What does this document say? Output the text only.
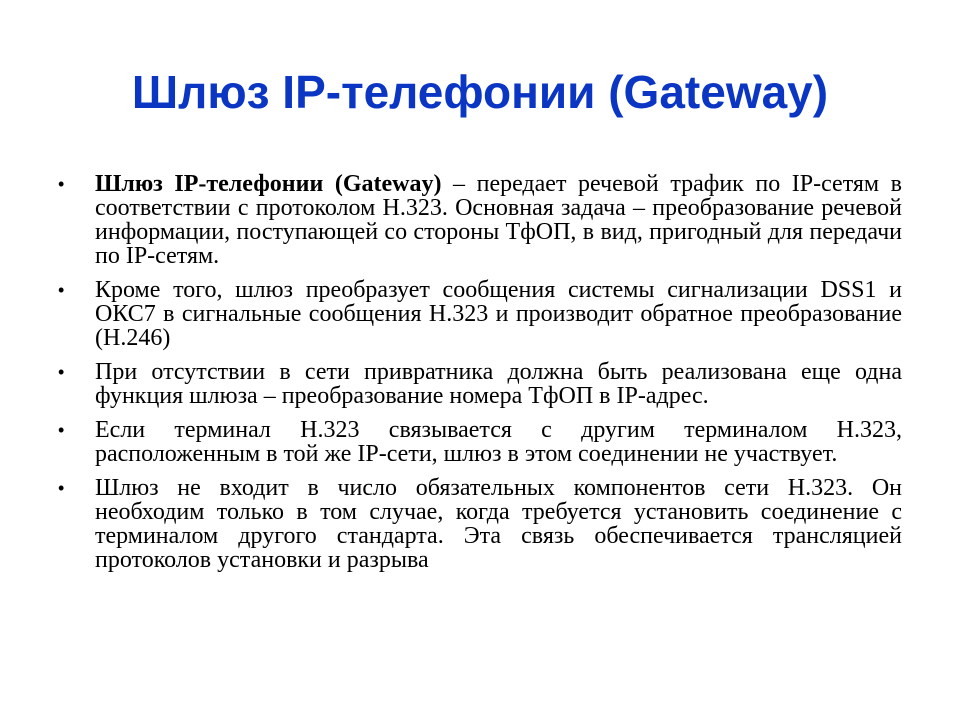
Шлюз IP-телефонии (Gateway)
• Шлюз IP-телефонии (Gateway) – передает речевой трафик по IP-сетям в соответствии с протоколом H.323. Основная задача – преобразование речевой информации, поступающей со стороны ТфОП, в вид, пригодный для передачи по IP-сетям.
• Кроме того, шлюз преобразует сообщения системы сигнализации DSS1 и ОКС7 в сигнальные сообщения H.323 и производит обратное преобразование (H.246)
• При отсутствии в сети привратника должна быть реализована еще одна функция шлюза – преобразование номера ТфОП в IP-адрес.
• Если терминал H.323 связывается с другим терминалом H.323, расположенным в той же IP-сети, шлюз в этом соединении не участвует.
• Шлюз не входит в число обязательных компонентов сети H.323. Он необходим только в том случае, когда требуется установить соединение с терминалом другого стандарта. Эта связь обеспечивается трансляцией протоколов установки и разрыва
